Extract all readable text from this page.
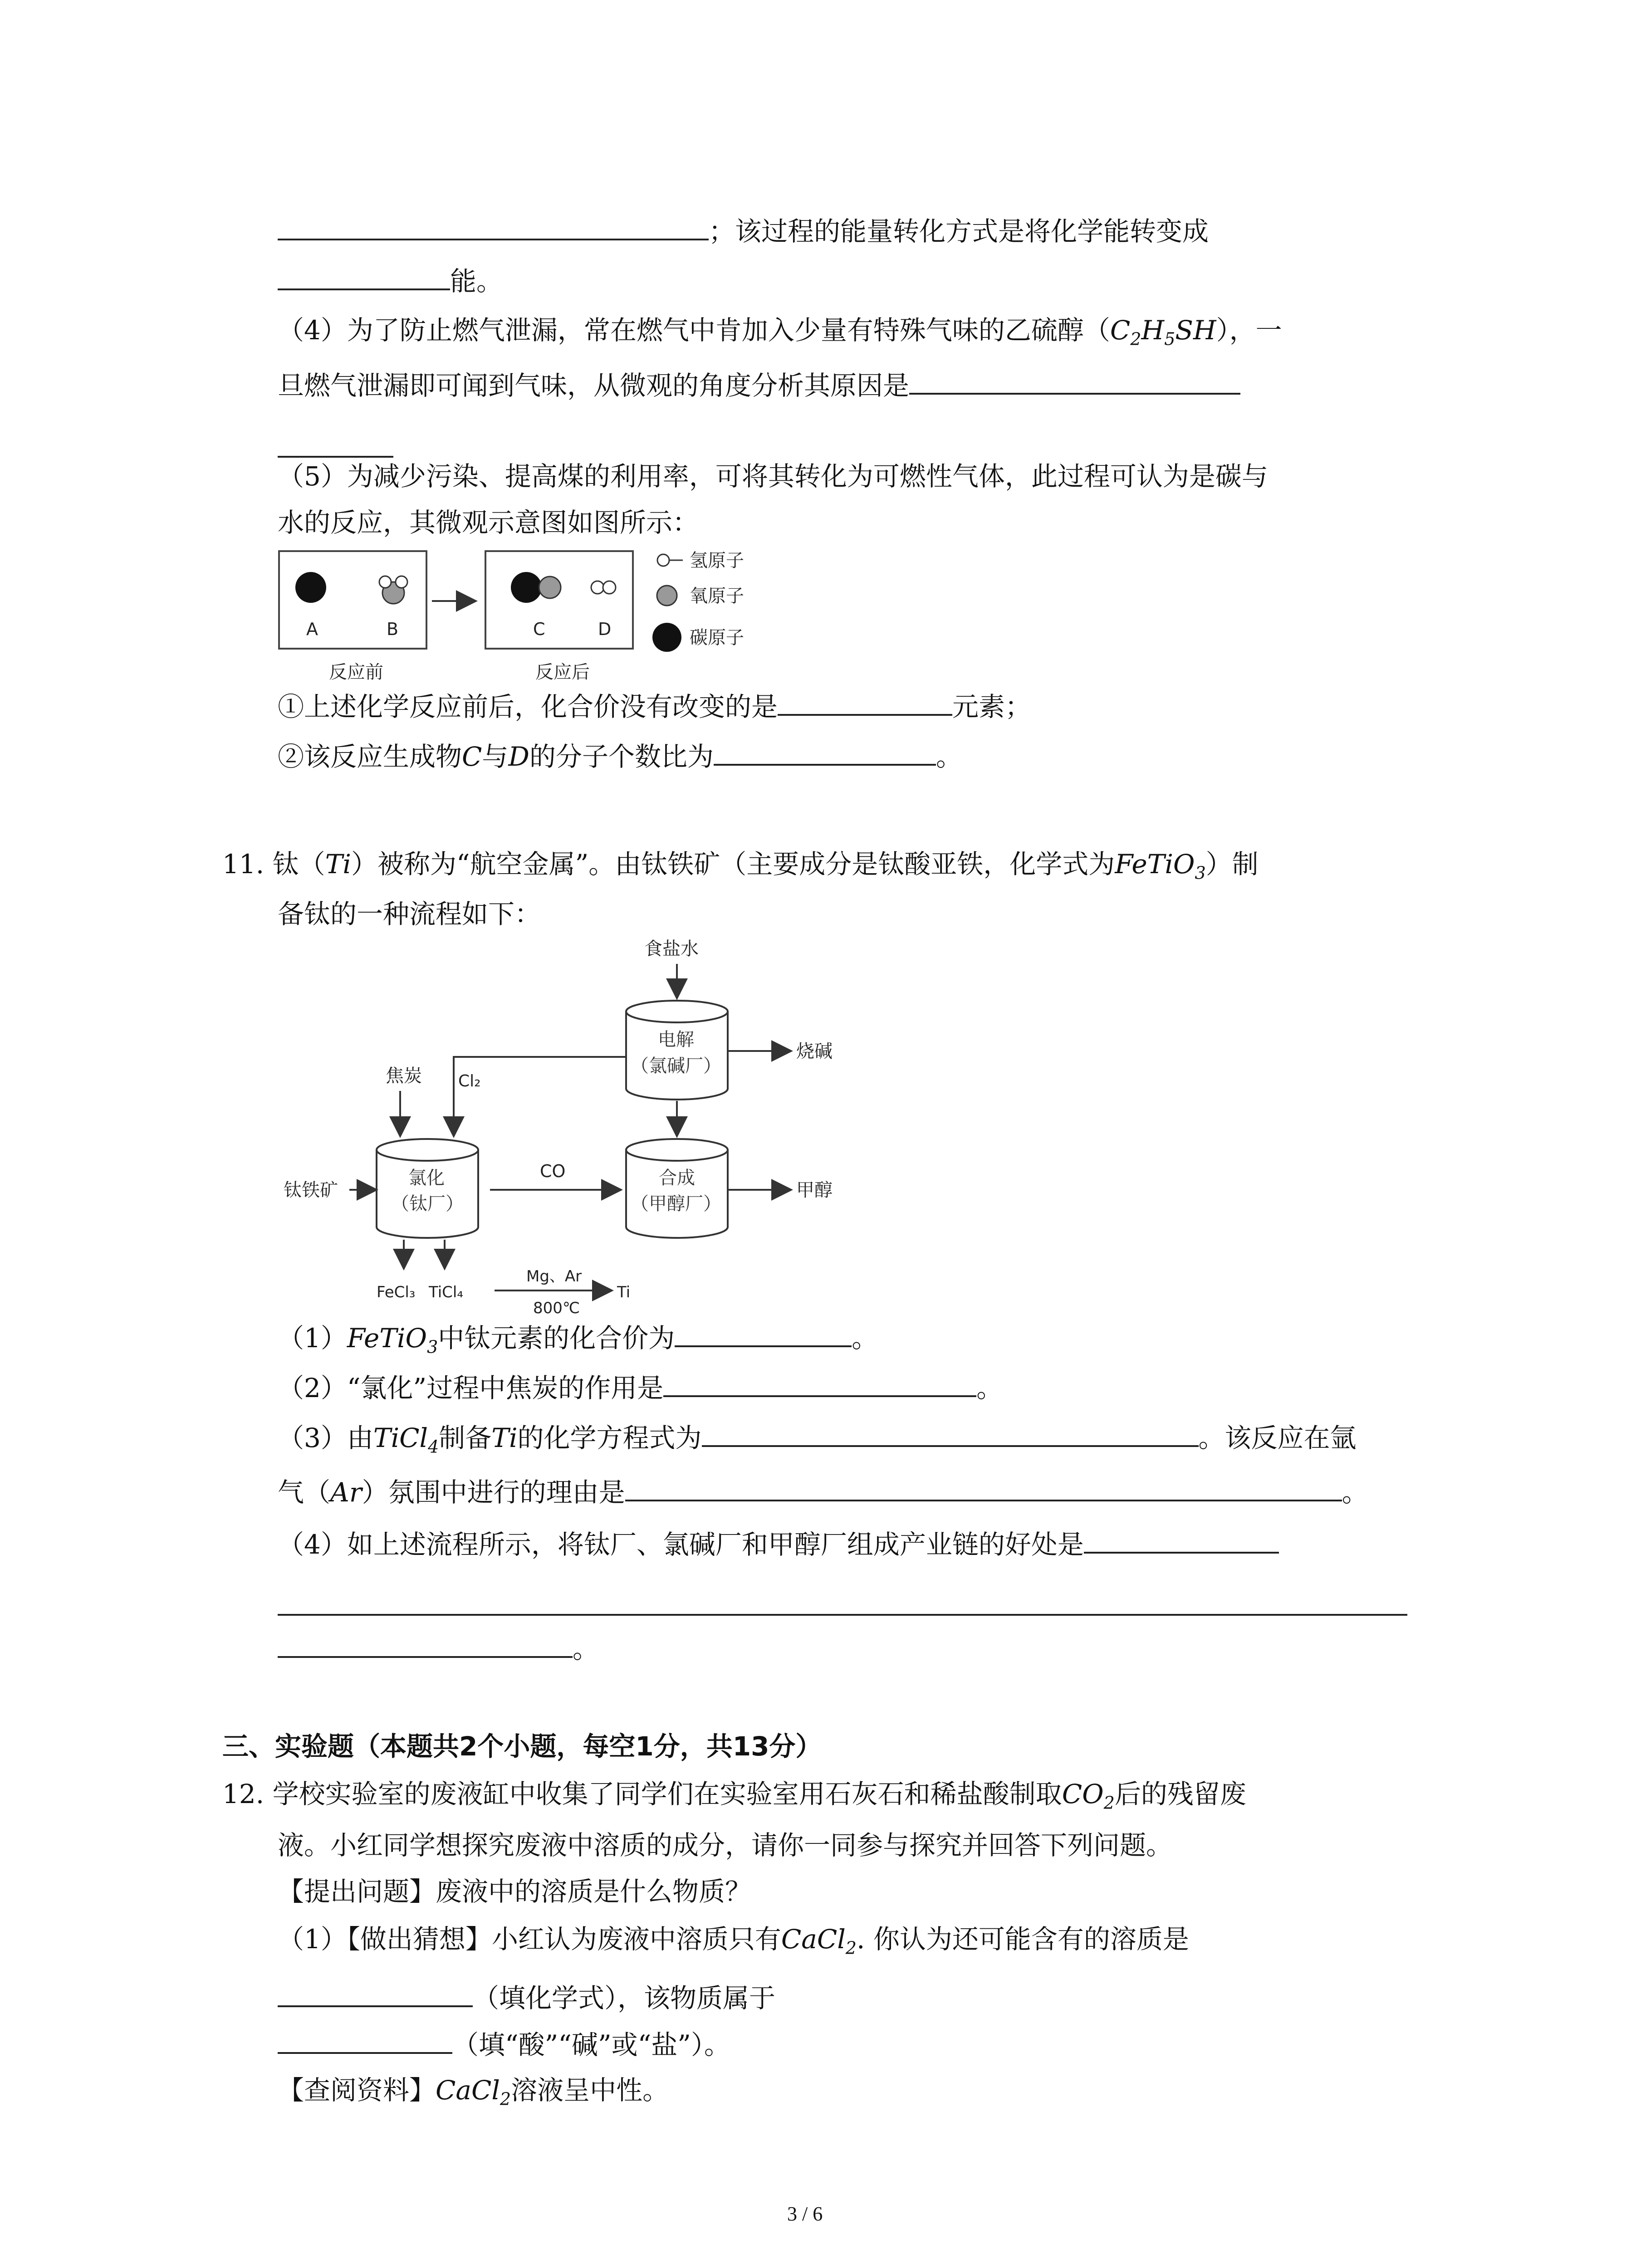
；该过程的能量转化方式是将化学能转变成
能。
（4）为了防止燃气泄漏，常在燃气中肯加入少量有特殊气味的乙硫醇$(C_2H_5SH)$，一
旦燃气泄漏即可闻到气味，从微观的角度分析其原因是
（5）为减少污染、提高煤的利用率，可将其转化为可燃性气体，此过程可认为是碳与
水的反应，其微观示意图如图所示：
A	B	C	D
反应前	反应后
氢原子
氧原子
碳原子
①上述化学反应前后，化合价没有改变的是	元素；
②该反应生成物C与D的分子个数比为	。
11. 钛（Ti）被称为“航空金属”。由钛铁矿（主要成分是钛酸亚铁，化学式为FeTiO$_3$）制
备钛的一种流程如下：
食盐水
电解
（氯碱厂）
烧碱
焦炭 Cl₂
钛铁矿
氯化
（钛厂）
CO	合成
（甲醇厂）
甲醇
FeCl₃ TiCl₄
Mg、Ar
800℃
Ti
（1）FeTiO$_3$中钛元素的化合价为	。
（2）“氯化”过程中焦炭的作用是	。
（3）由TiCl$_4$制备Ti的化学方程式为	。该反应在氩
气（Ar）氛围中进行的理由是	。
（4）如上述流程所示，将钛厂、氯碱厂和甲醇厂组成产业链的好处是
。
三、实验题（本题共2个小题，每空1分，共13分）
12. 学校实验室的废液缸中收集了同学们在实验室用石灰石和稀盐酸制取$CO_2$后的残留废
液。小红同学想探究废液中溶质的成分，请你一同参与探究并回答下列问题。
【提出问题】废液中的溶质是什么物质？
（1）【做出猜想】小红认为废液中溶质只有CaCl$_2$. 你认为还可能含有的溶质是
（填化学式），该物质属于
（填“酸”“碱”或“盐”）。
【查阅资料】CaCl$_2$溶液呈中性。
3 / 6
